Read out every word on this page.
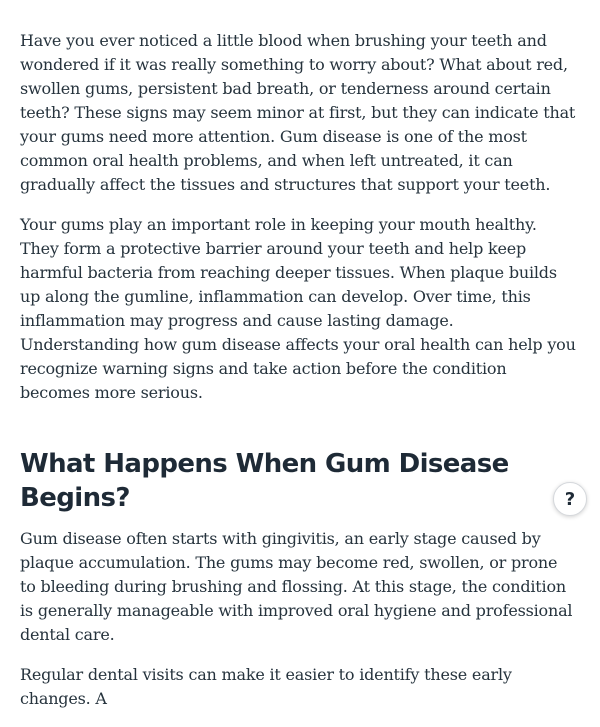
Have you ever noticed a little blood when brushing your teeth and wondered if it was really something to worry about? What about red, swollen gums, persistent bad breath, or tenderness around certain teeth? These signs may seem minor at first, but they can indicate that your gums need more attention. Gum disease is one of the most common oral health problems, and when left untreated, it can gradually affect the tissues and structures that support your teeth.

Your gums play an important role in keeping your mouth healthy. They form a protective barrier around your teeth and help keep harmful bacteria from reaching deeper tissues. When plaque builds up along the gumline, inflammation can develop. Over time, this inflammation may progress and cause lasting damage. Understanding how gum disease affects your oral health can help you recognize warning signs and take action before the condition becomes more serious.

What Happens When Gum Disease Begins?

Gum disease often starts with gingivitis, an early stage caused by plaque accumulation. The gums may become red, swollen, or prone to bleeding during brushing and flossing. At this stage, the condition is generally manageable with improved oral hygiene and professional dental care.

Regular dental visits can make it easier to identify these early changes. A

?
